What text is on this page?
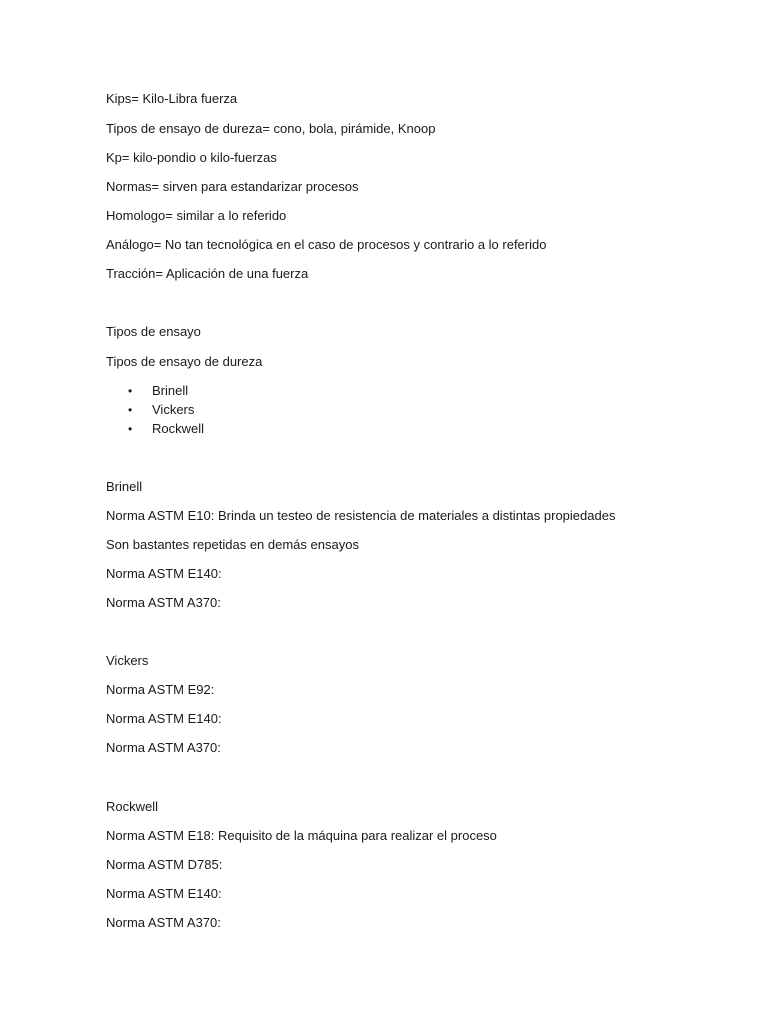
Kips= Kilo-Libra fuerza
Tipos de ensayo de dureza= cono, bola, pirámide, Knoop
Kp= kilo-pondio o kilo-fuerzas
Normas= sirven para estandarizar procesos
Homologo= similar a lo referido
Análogo= No tan tecnológica en el caso de procesos y contrario a lo referido
Tracción= Aplicación de una fuerza
Tipos de ensayo
Tipos de ensayo de dureza
• Brinell
• Vickers
• Rockwell
Brinell
Norma ASTM E10: Brinda un testeo de resistencia de materiales a distintas propiedades
Son bastantes repetidas en demás ensayos
Norma ASTM E140:
Norma ASTM A370:
Vickers
Norma ASTM E92:
Norma ASTM E140:
Norma ASTM A370:
Rockwell
Norma ASTM E18: Requisito de la máquina para realizar el proceso
Norma ASTM D785:
Norma ASTM E140:
Norma ASTM A370:
